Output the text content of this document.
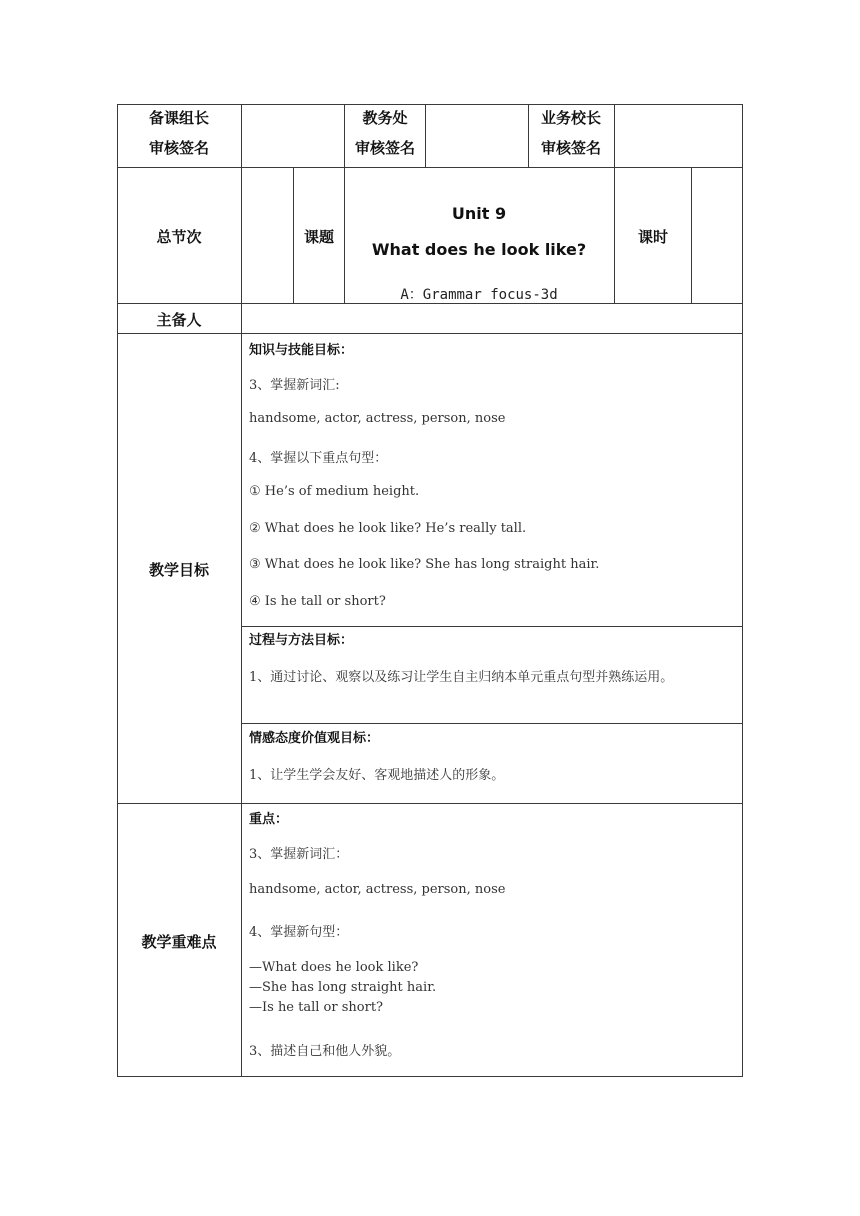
备课组长
审核签名
教务处
审核签名
业务校长
审核签名
总节次	课题
Unit 9
What does he look like?
A：Grammar focus-3d
课时
主备人
教学目标
知识与技能目标：
3、掌握新词汇:
handsome, actor, actress, person, nose
4、掌握以下重点句型：
① He’s of medium height.
② What does he look like? He’s really tall.
③ What does he look like? She has long straight hair.
④ Is he tall or short?
过程与方法目标：
1、通过讨论、观察以及练习让学生自主归纳本单元重点句型并熟练运用。
情感态度价值观目标：
1、让学生学会友好、客观地描述人的形象。
教学重难点
重点：
3、掌握新词汇：
handsome, actor, actress, person, nose
4、掌握新句型：
—What does he look like?
—She has long straight hair.
—Is he tall or short?
3、描述自己和他人外貌。
